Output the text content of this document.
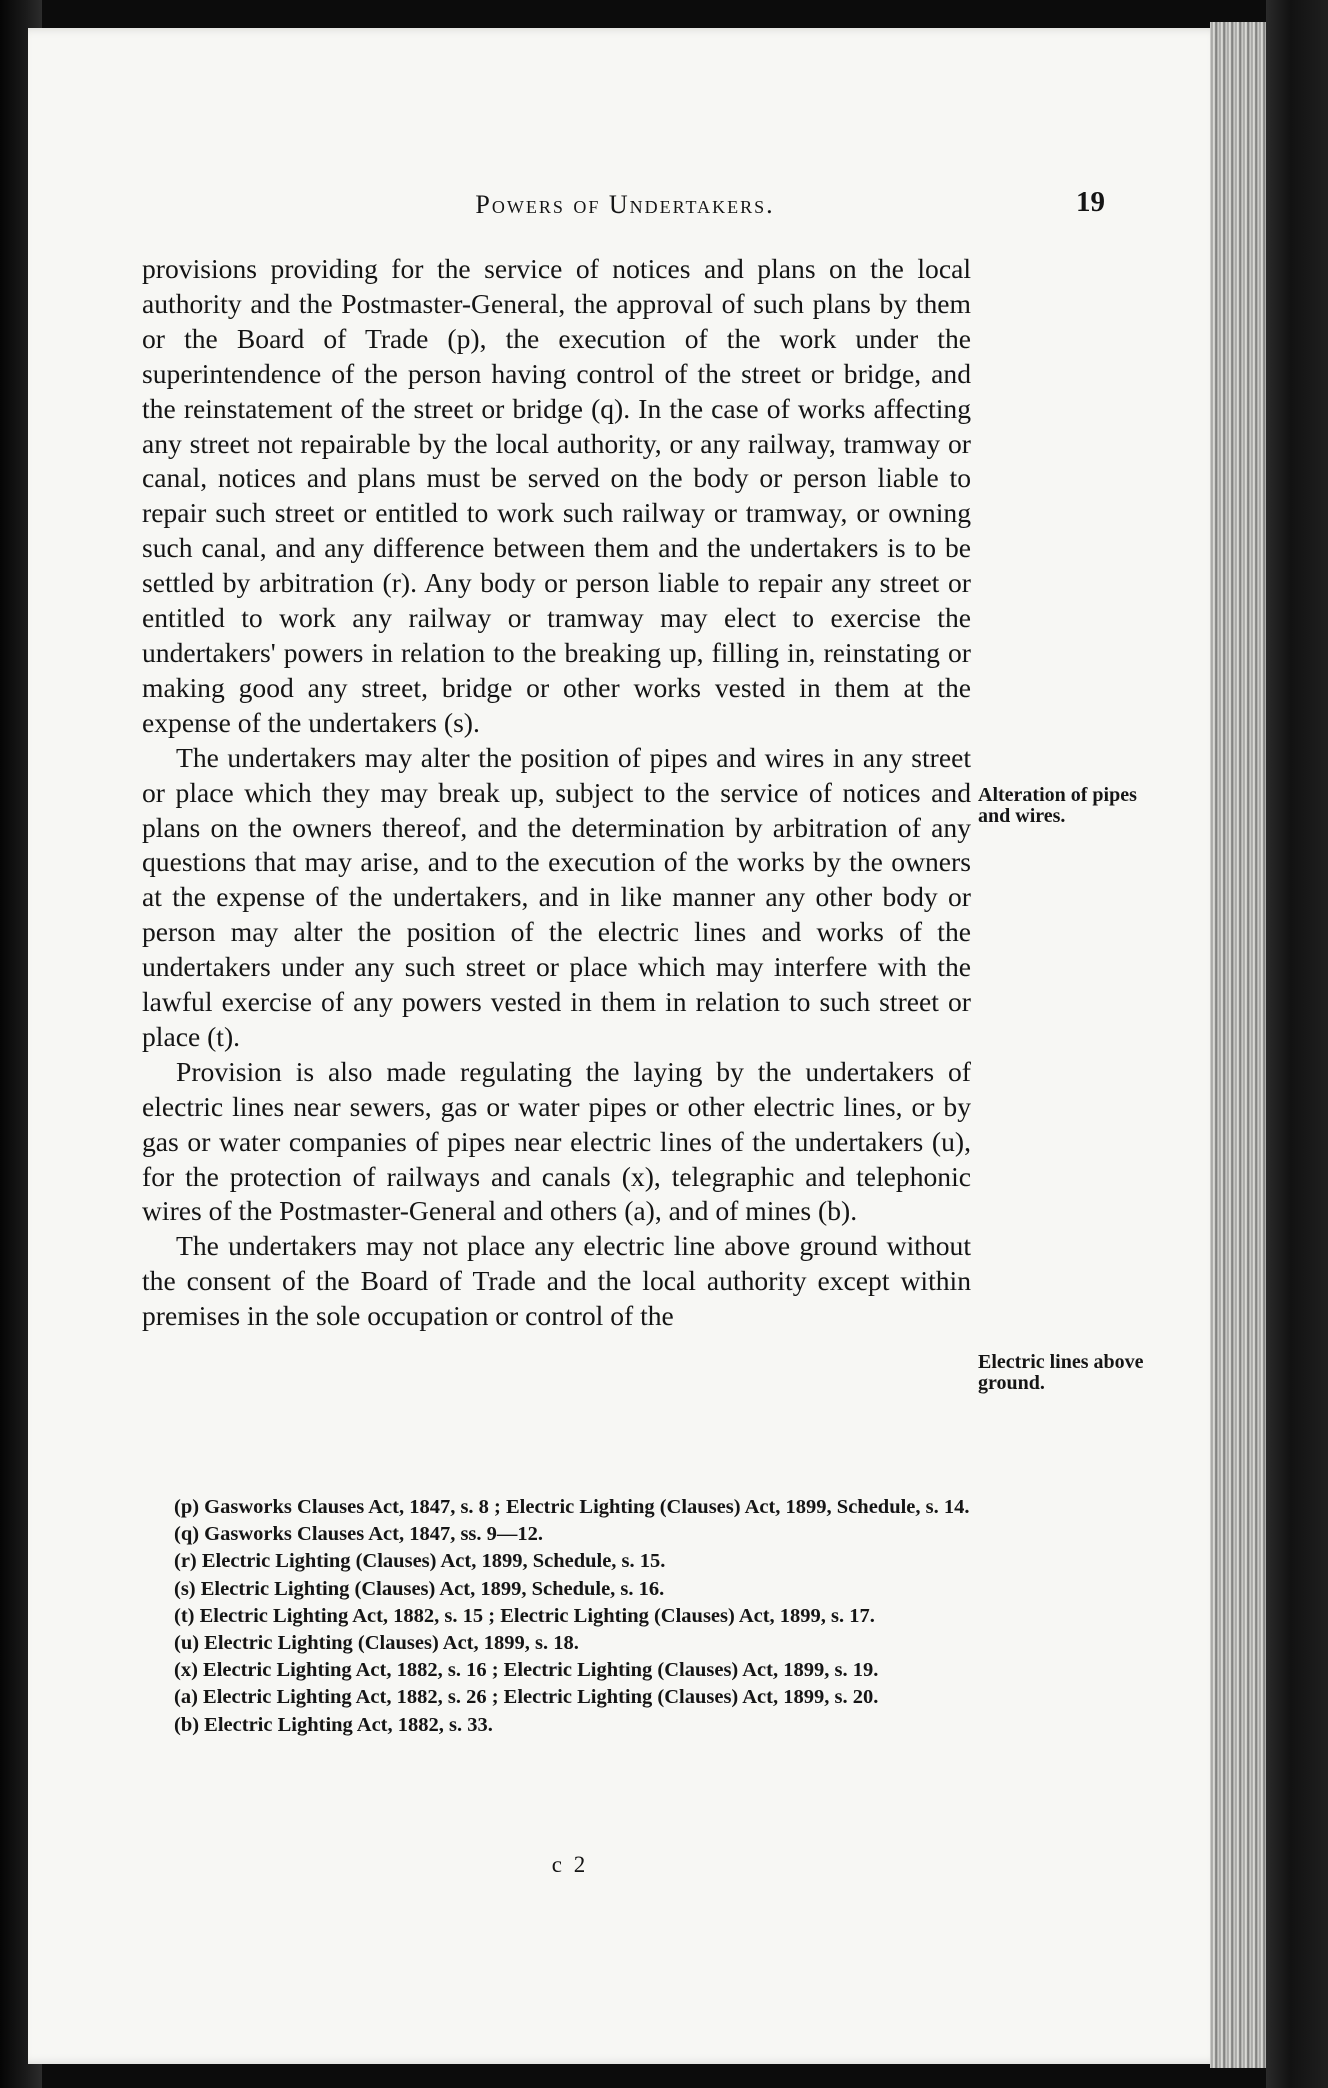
Powers of Undertakers.	19

provisions providing for the service of notices and plans on the local authority and the Postmaster-General, the approval of such plans by them or the Board of Trade (p), the execution of the work under the superintendence of the person having control of the street or bridge, and the reinstatement of the street or bridge (q). In the case of works affecting any street not repairable by the local authority, or any railway, tramway or canal, notices and plans must be served on the body or person liable to repair such street or entitled to work such railway or tramway, or owning such canal, and any difference between them and the undertakers is to be settled by arbitration (r). Any body or person liable to repair any street or entitled to work any railway or tramway may elect to exercise the undertakers' powers in relation to the breaking up, filling in, reinstating or making good any street, bridge or other works vested in them at the expense of the undertakers (s).

The undertakers may alter the position of pipes and wires in any street or place which they may break up, subject to the service of notices and plans on the owners thereof, and the determination by arbitration of any questions that may arise, and to the execution of the works by the owners at the expense of the undertakers, and in like manner any other body or person may alter the position of the electric lines and works of the undertakers under any such street or place which may interfere with the lawful exercise of any powers vested in them in relation to such street or place (t).

Provision is also made regulating the laying by the undertakers of electric lines near sewers, gas or water pipes or other electric lines, or by gas or water companies of pipes near electric lines of the undertakers (u), for the protection of railways and canals (x), telegraphic and telephonic wires of the Postmaster-General and others (a), and of mines (b).

The undertakers may not place any electric line above ground without the consent of the Board of Trade and the local authority except within premises in the sole occupation or control of the

Alteration of pipes and wires.
Electric lines above ground.

(p) Gasworks Clauses Act, 1847, s. 8 ; Electric Lighting (Clauses) Act, 1899, Schedule, s. 14.

(q) Gasworks Clauses Act, 1847, ss. 9—12.

(r) Electric Lighting (Clauses) Act, 1899, Schedule, s. 15.

(s) Electric Lighting (Clauses) Act, 1899, Schedule, s. 16.

(t) Electric Lighting Act, 1882, s. 15 ; Electric Lighting (Clauses) Act, 1899, s. 17.

(u) Electric Lighting (Clauses) Act, 1899, s. 18.

(x) Electric Lighting Act, 1882, s. 16 ; Electric Lighting (Clauses) Act, 1899, s. 19.

(a) Electric Lighting Act, 1882, s. 26 ; Electric Lighting (Clauses) Act, 1899, s. 20.

(b) Electric Lighting Act, 1882, s. 33.

c 2
